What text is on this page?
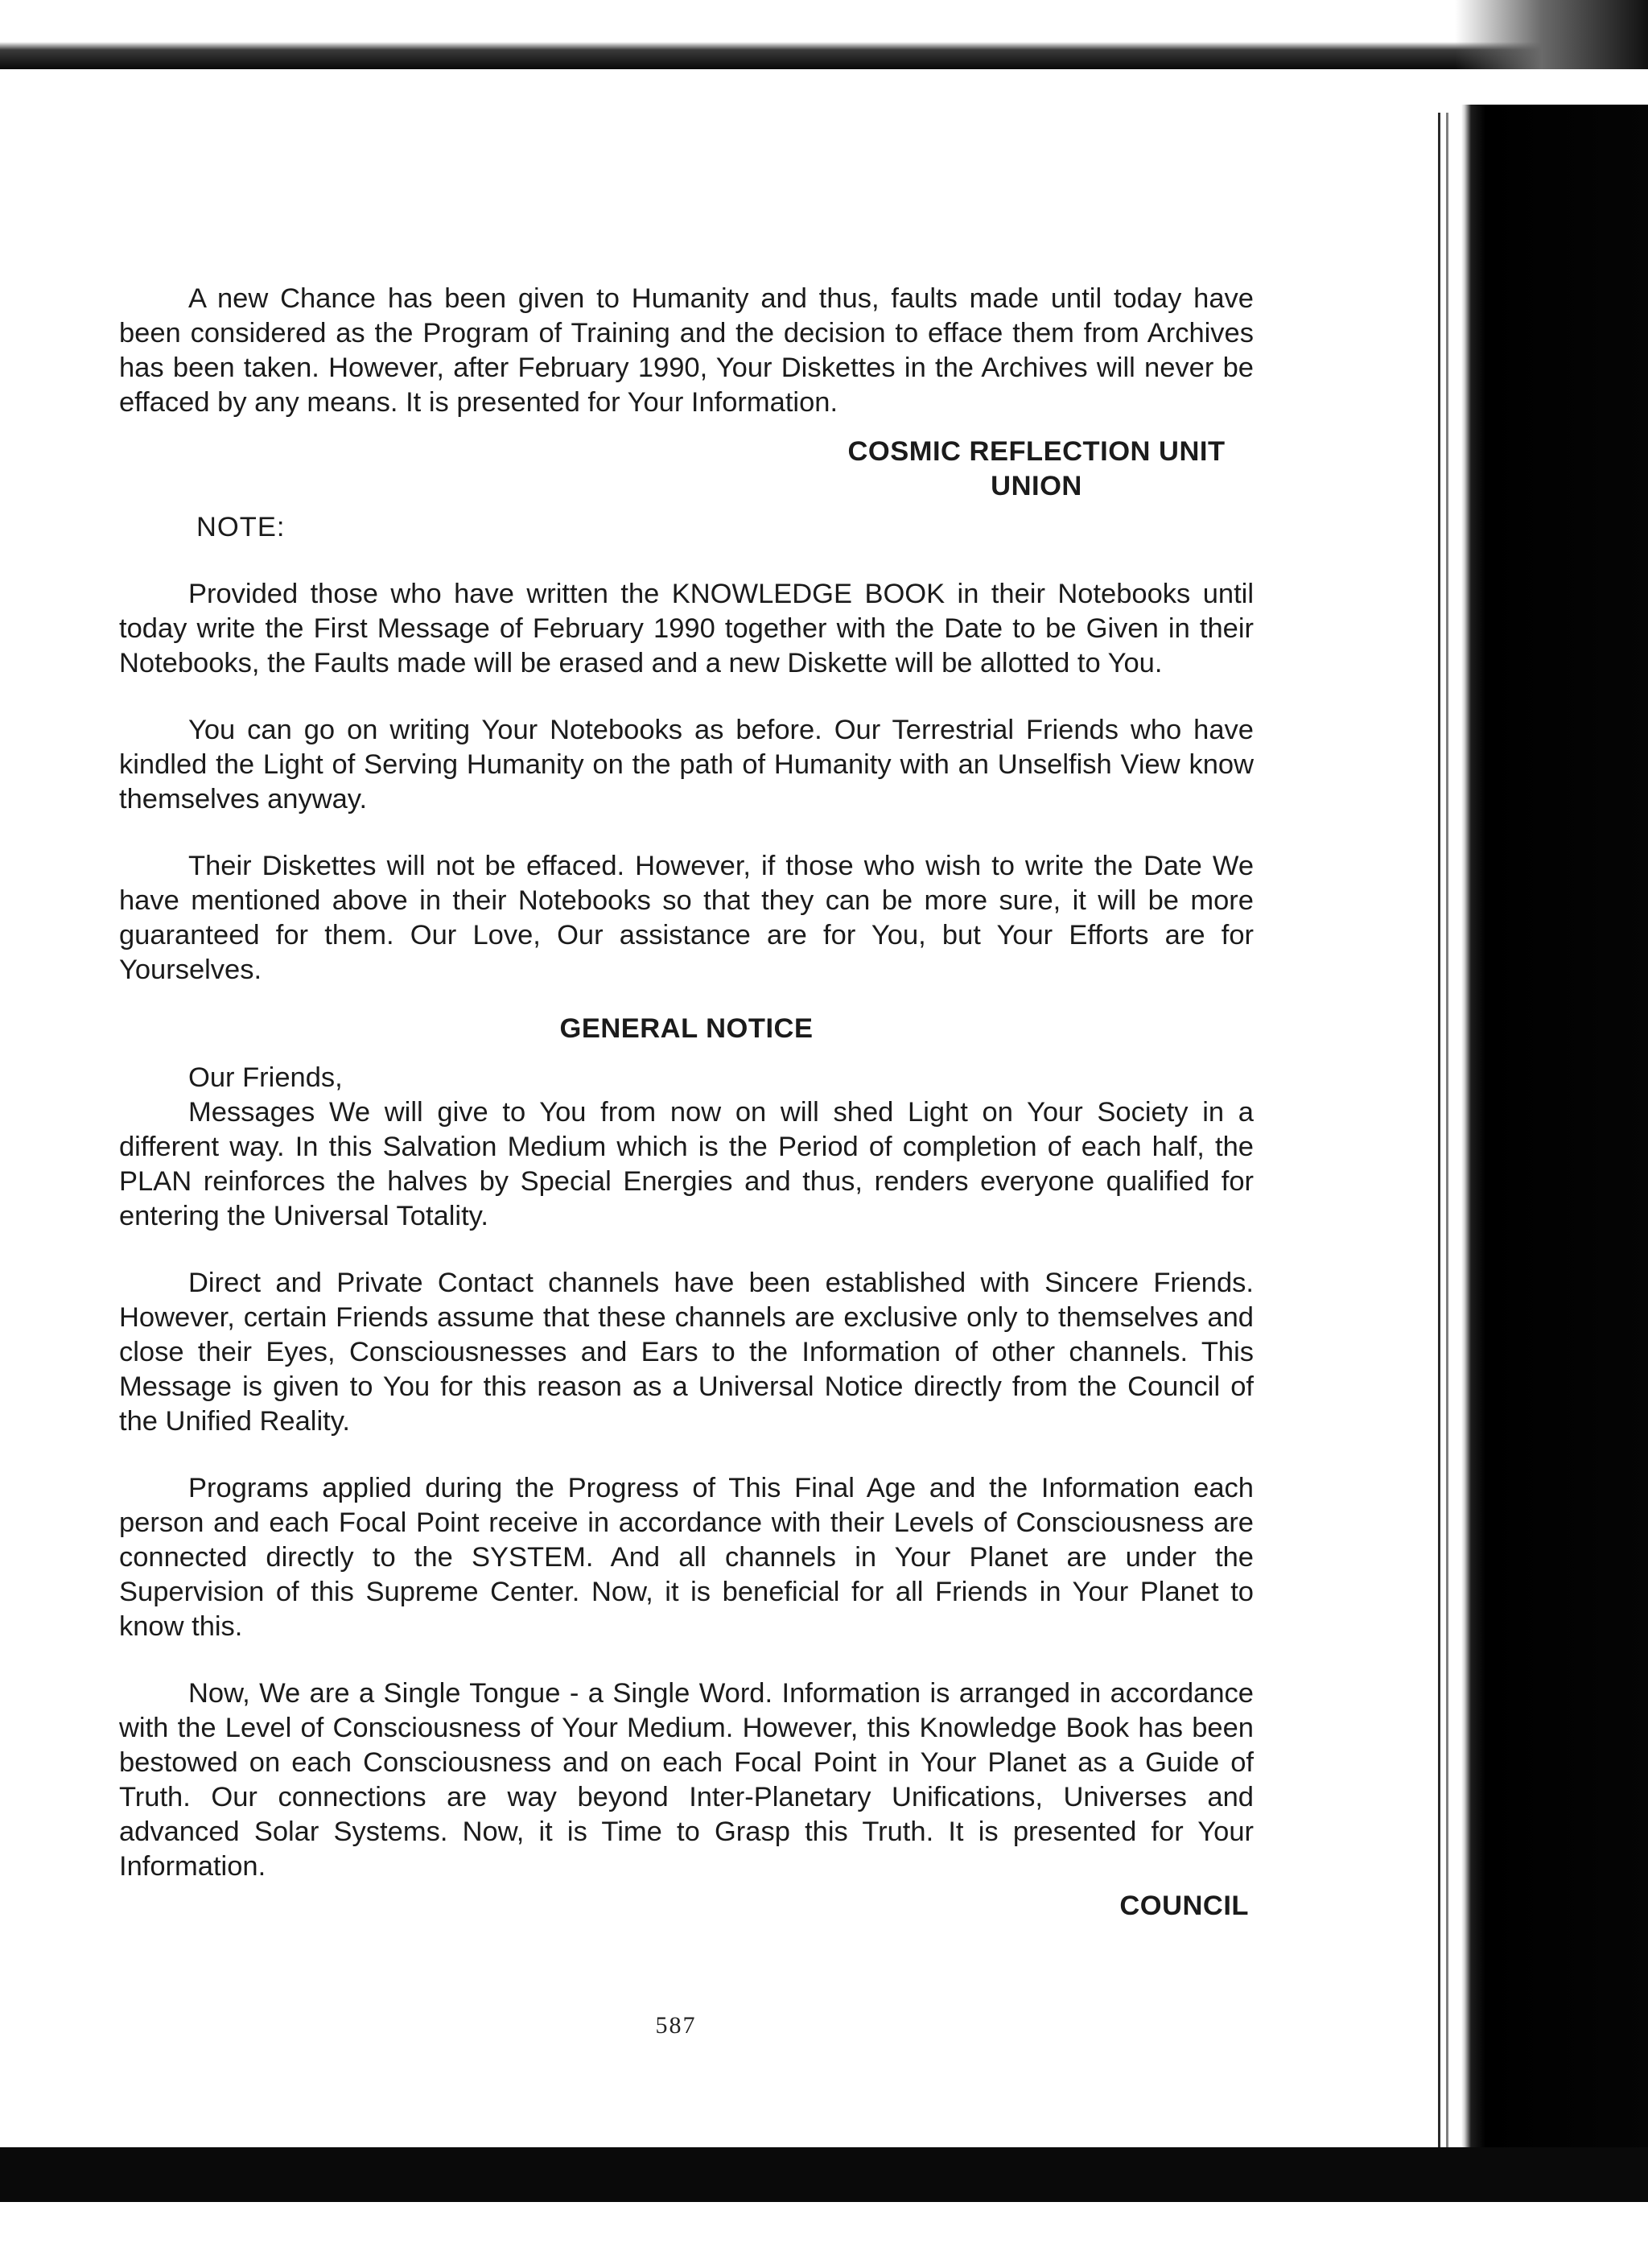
A new Chance has been given to Humanity and thus, faults made until today have been considered as the Program of Training and the decision to efface them from Archives has been taken. However, after February 1990, Your Diskettes in the Archives will never be effaced by any means. It is presented for Your Information.

COSMIC REFLECTION UNIT
UNION

NOTE:

Provided those who have written the KNOWLEDGE BOOK in their Notebooks until today write the First Message of February 1990 together with the Date to be Given in their Notebooks, the Faults made will be erased and a new Diskette will be allotted to You.

You can go on writing Your Notebooks as before. Our Terrestrial Friends who have kindled the Light of Serving Humanity on the path of Humanity with an Unselfish View know themselves anyway.

Their Diskettes will not be effaced. However, if those who wish to write the Date We have mentioned above in their Notebooks so that they can be more sure, it will be more guaranteed for them. Our Love, Our assistance are for You, but Your Efforts are for Yourselves.

GENERAL NOTICE

Our Friends,

Messages We will give to You from now on will shed Light on Your Society in a different way. In this Salvation Medium which is the Period of completion of each half, the PLAN reinforces the halves by Special Energies and thus, renders everyone qualified for entering the Universal Totality.

Direct and Private Contact channels have been established with Sincere Friends. However, certain Friends assume that these channels are exclusive only to themselves and close their Eyes, Consciousnesses and Ears to the Information of other channels. This Message is given to You for this reason as a Universal Notice directly from the Council of the Unified Reality.

Programs applied during the Progress of This Final Age and the Information each person and each Focal Point receive in accordance with their Levels of Consciousness are connected directly to the SYSTEM. And all channels in Your Planet are under the Supervision of this Supreme Center. Now, it is beneficial for all Friends in Your Planet to know this.

Now, We are a Single Tongue - a Single Word. Information is arranged in accordance with the Level of Consciousness of Your Medium. However, this Knowledge Book has been bestowed on each Consciousness and on each Focal Point in Your Planet as a Guide of Truth. Our connections are way beyond Inter-Planetary Unifications, Universes and advanced Solar Systems. Now, it is Time to Grasp this Truth. It is presented for Your Information.

COUNCIL

587
